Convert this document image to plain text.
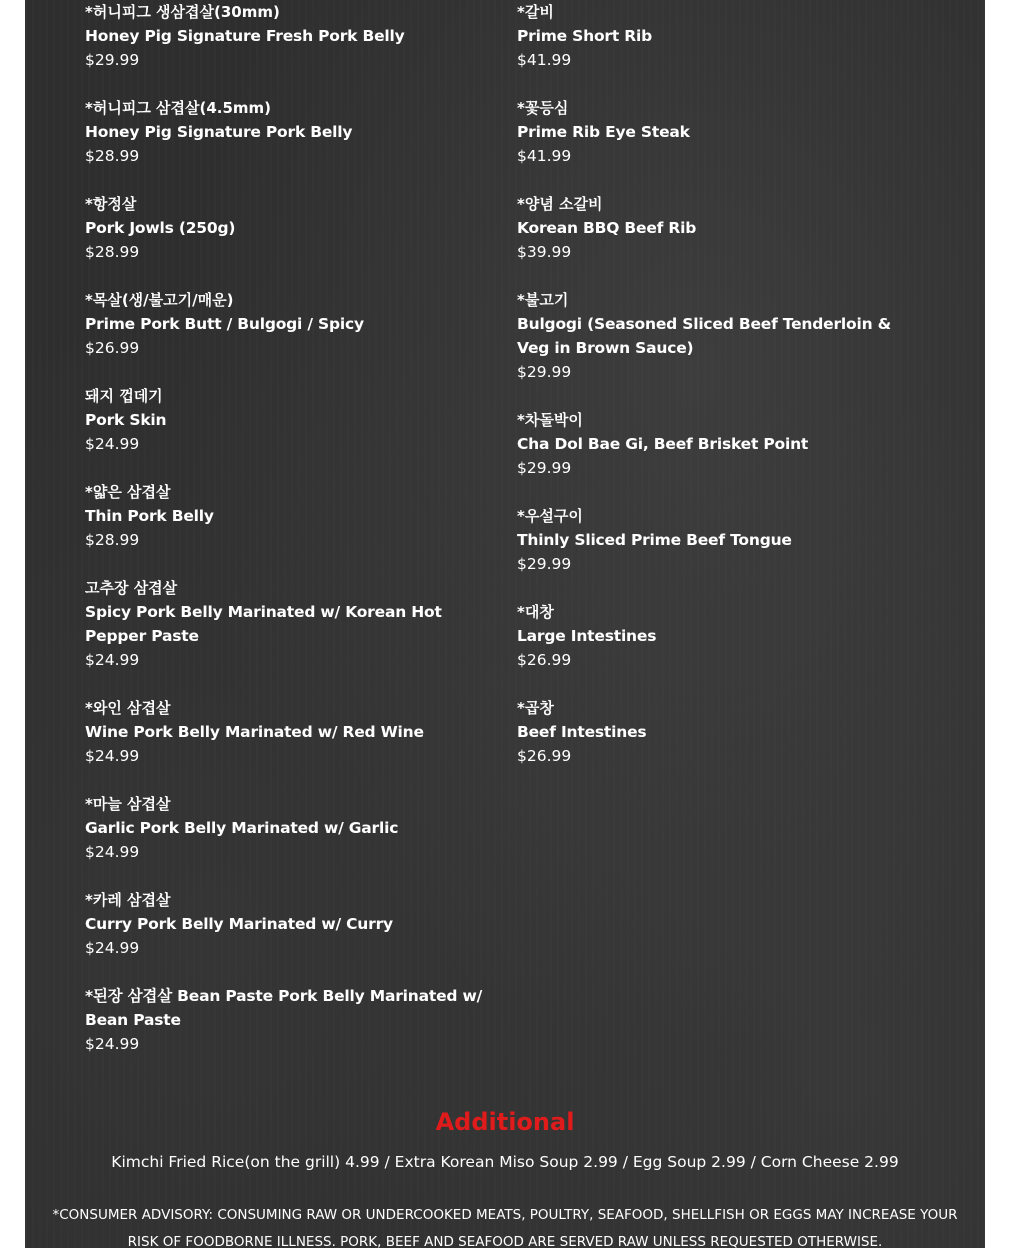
*허니피그 생삼겹살(30mm)
Honey Pig Signature Fresh Pork Belly
$29.99
*허니피그 삼겹살(4.5mm)
Honey Pig Signature Pork Belly
$28.99
*항정살
Pork Jowls (250g)
$28.99
*목살(생/불고기/매운)
Prime Pork Butt / Bulgogi / Spicy
$26.99
돼지 껍데기
Pork Skin
$24.99
*얇은 삼겹살
Thin Pork Belly
$28.99
고추장 삼겹살
Spicy Pork Belly Marinated w/ Korean Hot Pepper Paste
$24.99
*와인 삼겹살
Wine Pork Belly Marinated w/ Red Wine
$24.99
*마늘 삼겹살
Garlic Pork Belly Marinated w/ Garlic
$24.99
*카레 삼겹살
Curry Pork Belly Marinated w/ Curry
$24.99
*된장 삼겹살 Bean Paste Pork Belly Marinated w/ Bean Paste
$24.99
*갈비
Prime Short Rib
$41.99
*꽃등심
Prime Rib Eye Steak
$41.99
*양념 소갈비
Korean BBQ Beef Rib
$39.99
*불고기
Bulgogi (Seasoned Sliced Beef Tenderloin & Veg in Brown Sauce)
$29.99
*차돌박이
Cha Dol Bae Gi, Beef Brisket Point
$29.99
*우설구이
Thinly Sliced Prime Beef Tongue
$29.99
*대창
Large Intestines
$26.99
*곱창
Beef Intestines
$26.99
Additional
Kimchi Fried Rice(on the grill) 4.99 / Extra Korean Miso Soup 2.99 / Egg Soup 2.99 / Corn Cheese 2.99
*CONSUMER ADVISORY: CONSUMING RAW OR UNDERCOOKED MEATS, POULTRY, SEAFOOD, SHELLFISH OR EGGS MAY INCREASE YOUR RISK OF FOODBORNE ILLNESS. PORK, BEEF AND SEAFOOD ARE SERVED RAW UNLESS REQUESTED OTHERWISE.
